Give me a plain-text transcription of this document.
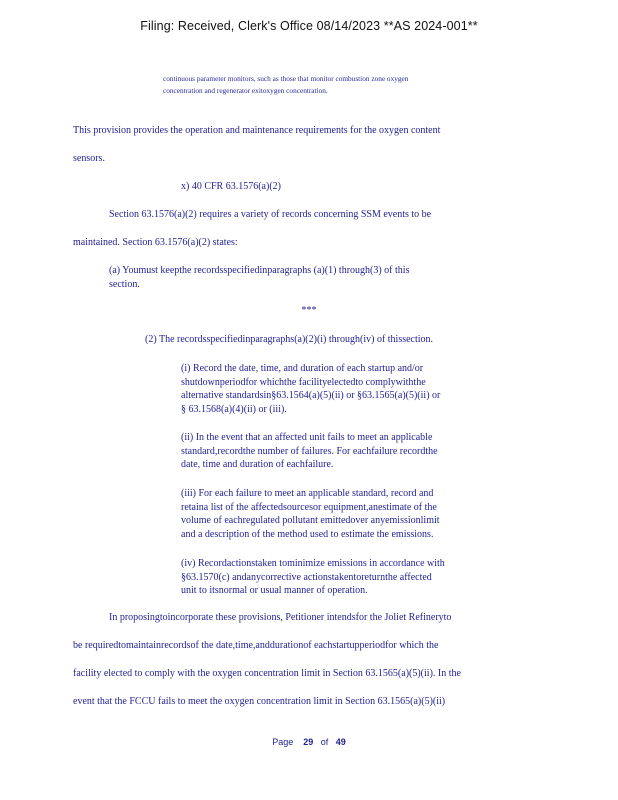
Filing: Received, Clerk's Office 08/14/2023 **AS 2024-001**
continuous parameter monitors, such as those that monitor combustion zone oxygen
concentration and regenerator exitoxygen concentration.
This provision provides the operation and maintenance requirements for the oxygen content
sensors.
x) 40 CFR 63.1576(a)(2)
Section 63.1576(a)(2) requires a variety of records concerning SSM events to be
maintained. Section 63.1576(a)(2) states:
(a) Youmust keepthe recordsspecifiedinparagraphs (a)(1) through(3) of this
section.
***
(2) The recordsspecifiedinparagraphs(a)(2)(i) through(iv) of thissection.
(i) Record the date, time, and duration of each startup and/or
shutdownperiodfor whichthe facilityelectedto complywiththe
alternative standardsin§63.1564(a)(5)(ii) or §63.1565(a)(5)(ii) or
§ 63.1568(a)(4)(ii) or (iii).
(ii) In the event that an affected unit fails to meet an applicable
standard,recordthe number of failures. For eachfailure recordthe
date, time and duration of eachfailure.
(iii) For each failure to meet an applicable standard, record and
retaina list of the affectedsourcesor equipment,anestimate of the
volume of eachregulated pollutant emittedover anyemissionlimit
and a description of the method used to estimate the emissions.
(iv) Recordactionstaken tominimize emissions in accordance with
§63.1570(c) andanycorrective actionstakentoreturnthe affected
unit to itsnormal or usual manner of operation.
In proposingtoincorporate these provisions, Petitioner intendsfor the Joliet Refineryto
be requiredtomaintainrecordsof the date,time,anddurationof eachstartupperiodfor which the
facility elected to comply with the oxygen concentration limit in Section 63.1565(a)(5)(ii). In the
event that the FCCU fails to meet the oxygen concentration limit in Section 63.1565(a)(5)(ii)
Page 29 of 49
